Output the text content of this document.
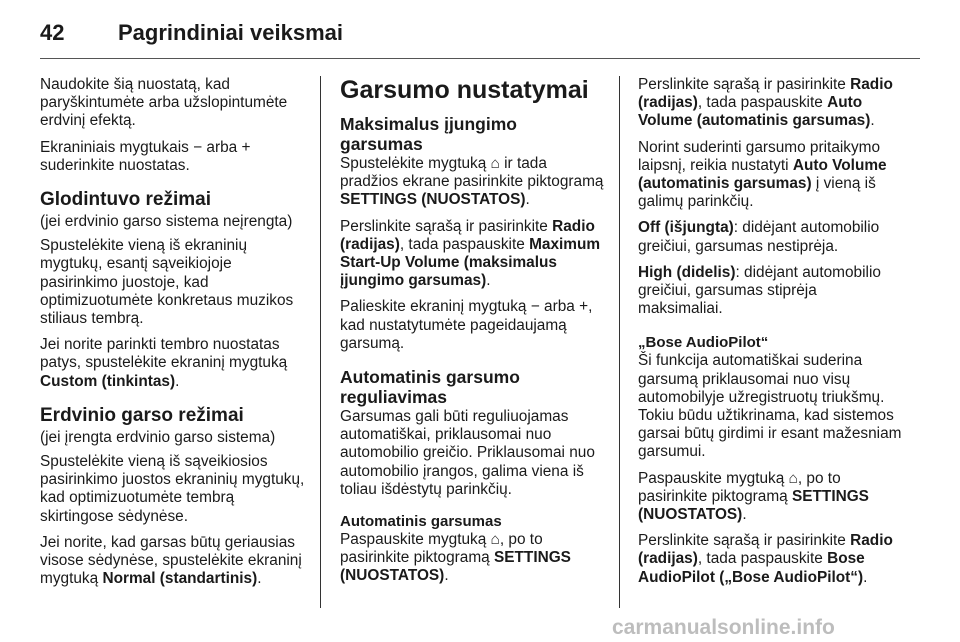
42 Pagrindiniai veiksmai

Naudokite šią nuostatą, kad paryškintumėte arba užslopintumėte erdvinį efektą.

Ekraniniais mygtukais − arba + suderinkite nuostatas.

Glodintuvo režimai

(jei erdvinio garso sistema neįrengta)

Spustelėkite vieną iš ekraninių mygtukų, esantį sąveikiojoje pasirinkimo juostoje, kad optimizuotumėte konkretaus muzikos stiliaus tembrą.

Jei norite parinkti tembro nuostatas patys, spustelėkite ekraninį mygtuką Custom (tinkintas).

Erdvinio garso režimai

(jei įrengta erdvinio garso sistema)

Spustelėkite vieną iš sąveikiosios pasirinkimo juostos ekraninių mygtukų, kad optimizuotumėte tembrą skirtingose sėdynėse.

Jei norite, kad garsas būtų geriausias visose sėdynėse, spustelėkite ekraninį mygtuką Normal (standartinis).

Garsumo nustatymai
Maksimalus įjungimo garsumas

Spustelėkite mygtuką ⌂ ir tada pradžios ekrane pasirinkite piktogramą SETTINGS (NUOSTATOS).

Perslinkite sąrašą ir pasirinkite Radio (radijas), tada paspauskite Maximum Start-Up Volume (maksimalus įjungimo garsumas).

Palieskite ekraninį mygtuką − arba +, kad nustatytumėte pageidaujamą garsumą.

Automatinis garsumo reguliavimas

Garsumas gali būti reguliuojamas automatiškai, priklausomai nuo automobilio greičio. Priklausomai nuo automobilio įrangos, galima viena iš toliau išdėstytų parinkčių.

Automatinis garsumas

Paspauskite mygtuką ⌂, po to pasirinkite piktogramą SETTINGS (NUOSTATOS).

Perslinkite sąrašą ir pasirinkite Radio (radijas), tada paspauskite Auto Volume (automatinis garsumas).

Norint suderinti garsumo pritaikymo laipsnį, reikia nustatyti Auto Volume (automatinis garsumas) į vieną iš galimų parinkčių.

Off (išjungta): didėjant automobilio greičiui, garsumas nestiprėja.

High (didelis): didėjant automobilio greičiui, garsumas stiprėja maksimaliai.

„Bose AudioPilot“

Ši funkcija automatiškai suderina garsumą priklausomai nuo visų automobilyje užregistruotų triukšmų. Tokiu būdu užtikrinama, kad sistemos garsai būtų girdimi ir esant mažesniam garsumui.

Paspauskite mygtuką ⌂, po to pasirinkite piktogramą SETTINGS (NUOSTATOS).

Perslinkite sąrašą ir pasirinkite Radio (radijas), tada paspauskite Bose AudioPilot („Bose AudioPilot“).

carmanualsonline.info
